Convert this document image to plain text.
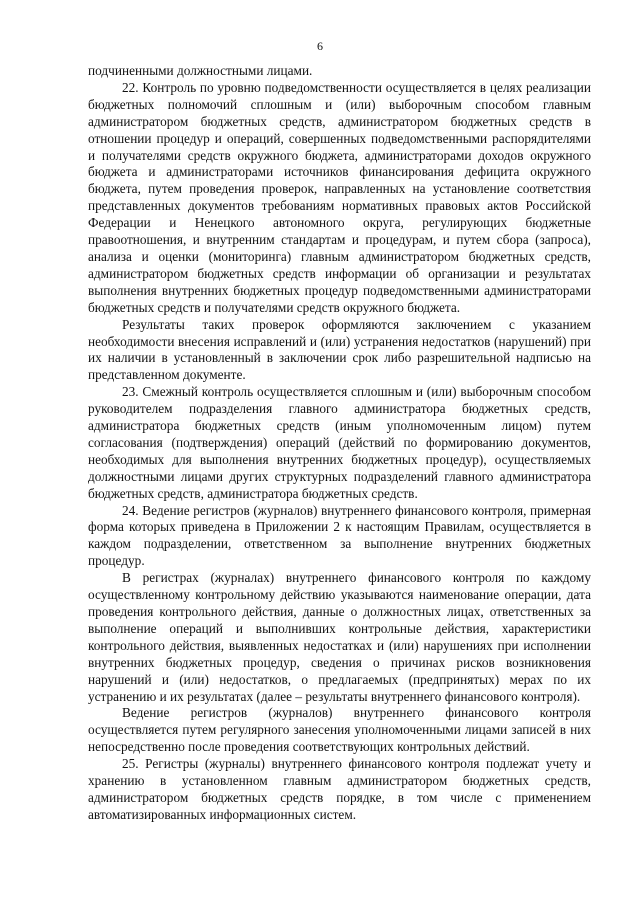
6

подчиненными должностными лицами.

22. Контроль по уровню подведомственности осуществляется в целях реализации бюджетных полномочий сплошным и (или) выборочным способом главным администратором бюджетных средств, администратором бюджетных средств в отношении процедур и операций, совершенных подведомственными распорядителями и получателями средств окружного бюджета, администраторами доходов окружного бюджета и администраторами источников финансирования дефицита окружного бюджета, путем проведения проверок, направленных на установление соответствия представленных документов требованиям нормативных правовых актов Российской Федерации и Ненецкого автономного округа, регулирующих бюджетные правоотношения, и внутренним стандартам и процедурам, и путем сбора (запроса), анализа и оценки (мониторинга) главным администратором бюджетных средств, администратором бюджетных средств информации об организации и результатах выполнения внутренних бюджетных процедур подведомственными администраторами бюджетных средств и получателями средств окружного бюджета.

Результаты таких проверок оформляются заключением с указанием необходимости внесения исправлений и (или) устранения недостатков (нарушений) при их наличии в установленный в заключении срок либо разрешительной надписью на представленном документе.

23. Смежный контроль осуществляется сплошным и (или) выборочным способом руководителем подразделения главного администратора бюджетных средств, администратора бюджетных средств (иным уполномоченным лицом) путем согласования (подтверждения) операций (действий по формированию документов, необходимых для выполнения внутренних бюджетных процедур), осуществляемых должностными лицами других структурных подразделений главного администратора бюджетных средств, администратора бюджетных средств.

24. Ведение регистров (журналов) внутреннего финансового контроля, примерная форма которых приведена в Приложении 2 к настоящим Правилам, осуществляется в каждом подразделении, ответственном за выполнение внутренних бюджетных процедур.

В регистрах (журналах) внутреннего финансового контроля по каждому осуществленному контрольному действию указываются наименование операции, дата проведения контрольного действия, данные о должностных лицах, ответственных за выполнение операций и выполнивших контрольные действия, характеристики контрольного действия, выявленных недостатках и (или) нарушениях при исполнении внутренних бюджетных процедур, сведения о причинах рисков возникновения нарушений и (или) недостатков, о предлагаемых (предпринятых) мерах по их устранению и их результатах (далее – результаты внутреннего финансового контроля).

Ведение регистров (журналов) внутреннего финансового контроля осуществляется путем регулярного занесения уполномоченными лицами записей в них непосредственно после проведения соответствующих контрольных действий.

25. Регистры (журналы) внутреннего финансового контроля подлежат учету и хранению в установленном главным администратором бюджетных средств, администратором бюджетных средств порядке, в том числе с применением автоматизированных информационных систем.
